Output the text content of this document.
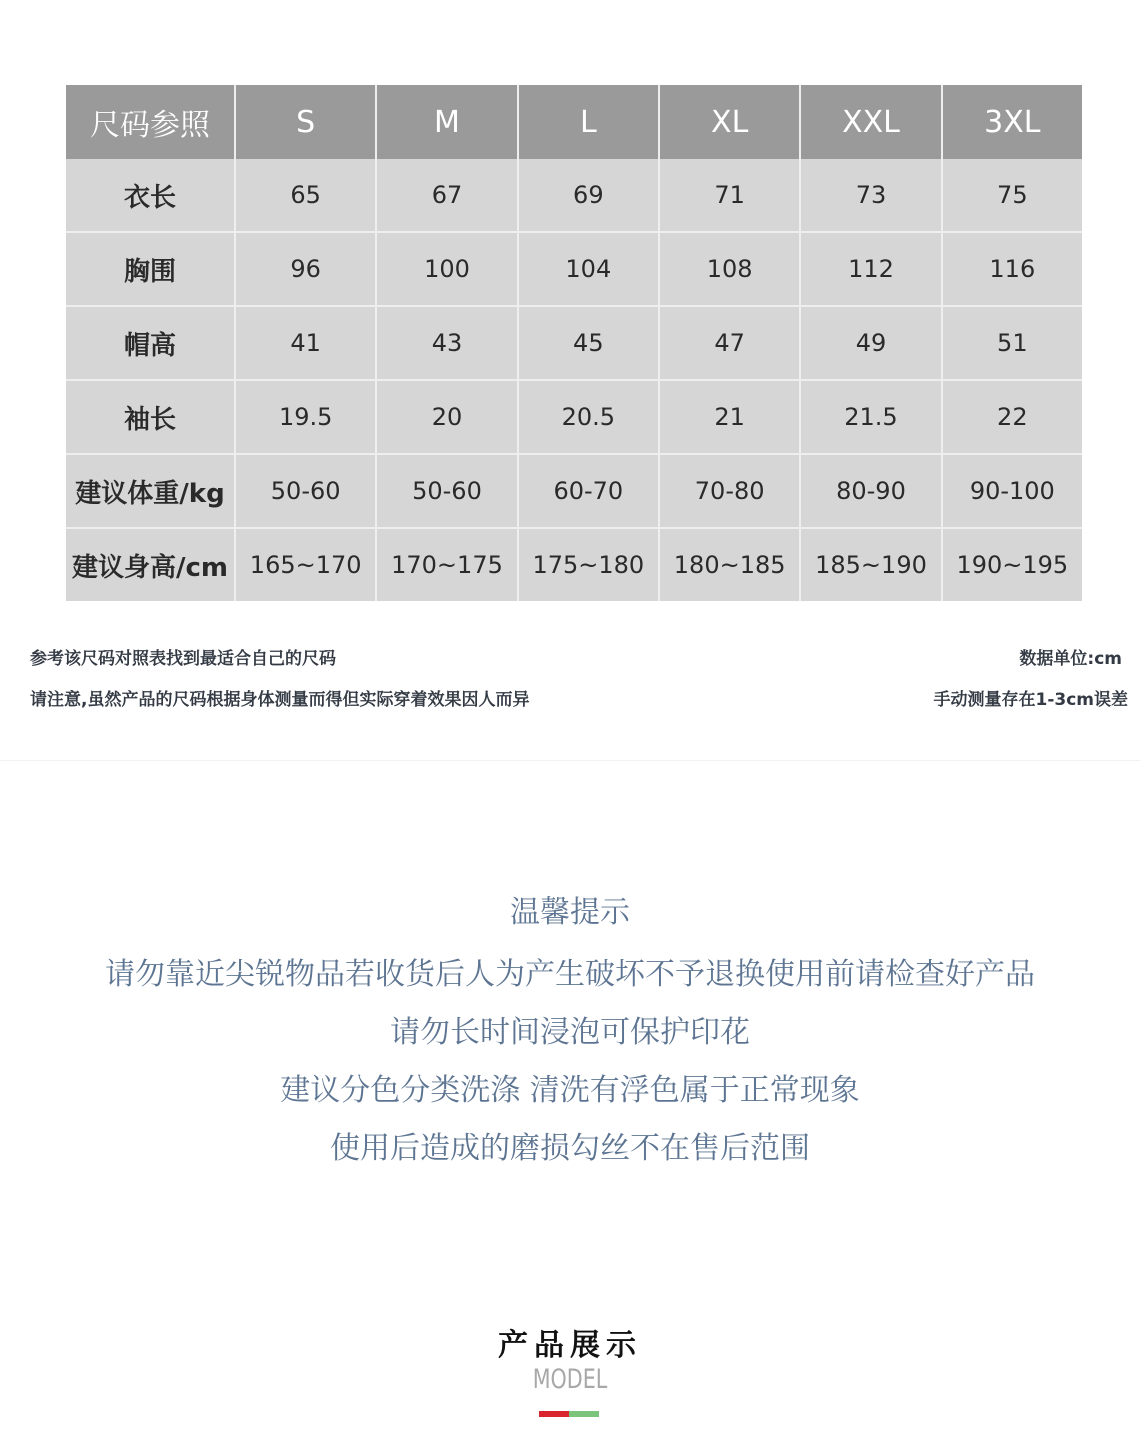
尺码参照	S	M	L	XL	XXL	3XL
衣长	65	67	69	71	73	75
胸围	96	100	104	108	112	116
帽高	41	43	45	47	49	51
袖长	19.5	20	20.5	21	21.5	22
建议体重/kg	50-60	50-60	60-70	70-80	80-90	90-100
建议身高/cm 165~170	170~175	175~180	180~185	185~190	190~195
参考该尺码对照表找到最适合自己的尺码
请注意,虽然产品的尺码根据身体测量而得但实际穿着效果因人而异
数据单位:cm
手动测量存在1-3cm误差
温馨提示
请勿靠近尖锐物品若收货后人为产生破坏不予退换使用前请检查好产品
请勿长时间浸泡可保护印花
建议分色分类洗涤 清洗有浮色属于正常现象
使用后造成的磨损勾丝不在售后范围
产品展示
MODEL
